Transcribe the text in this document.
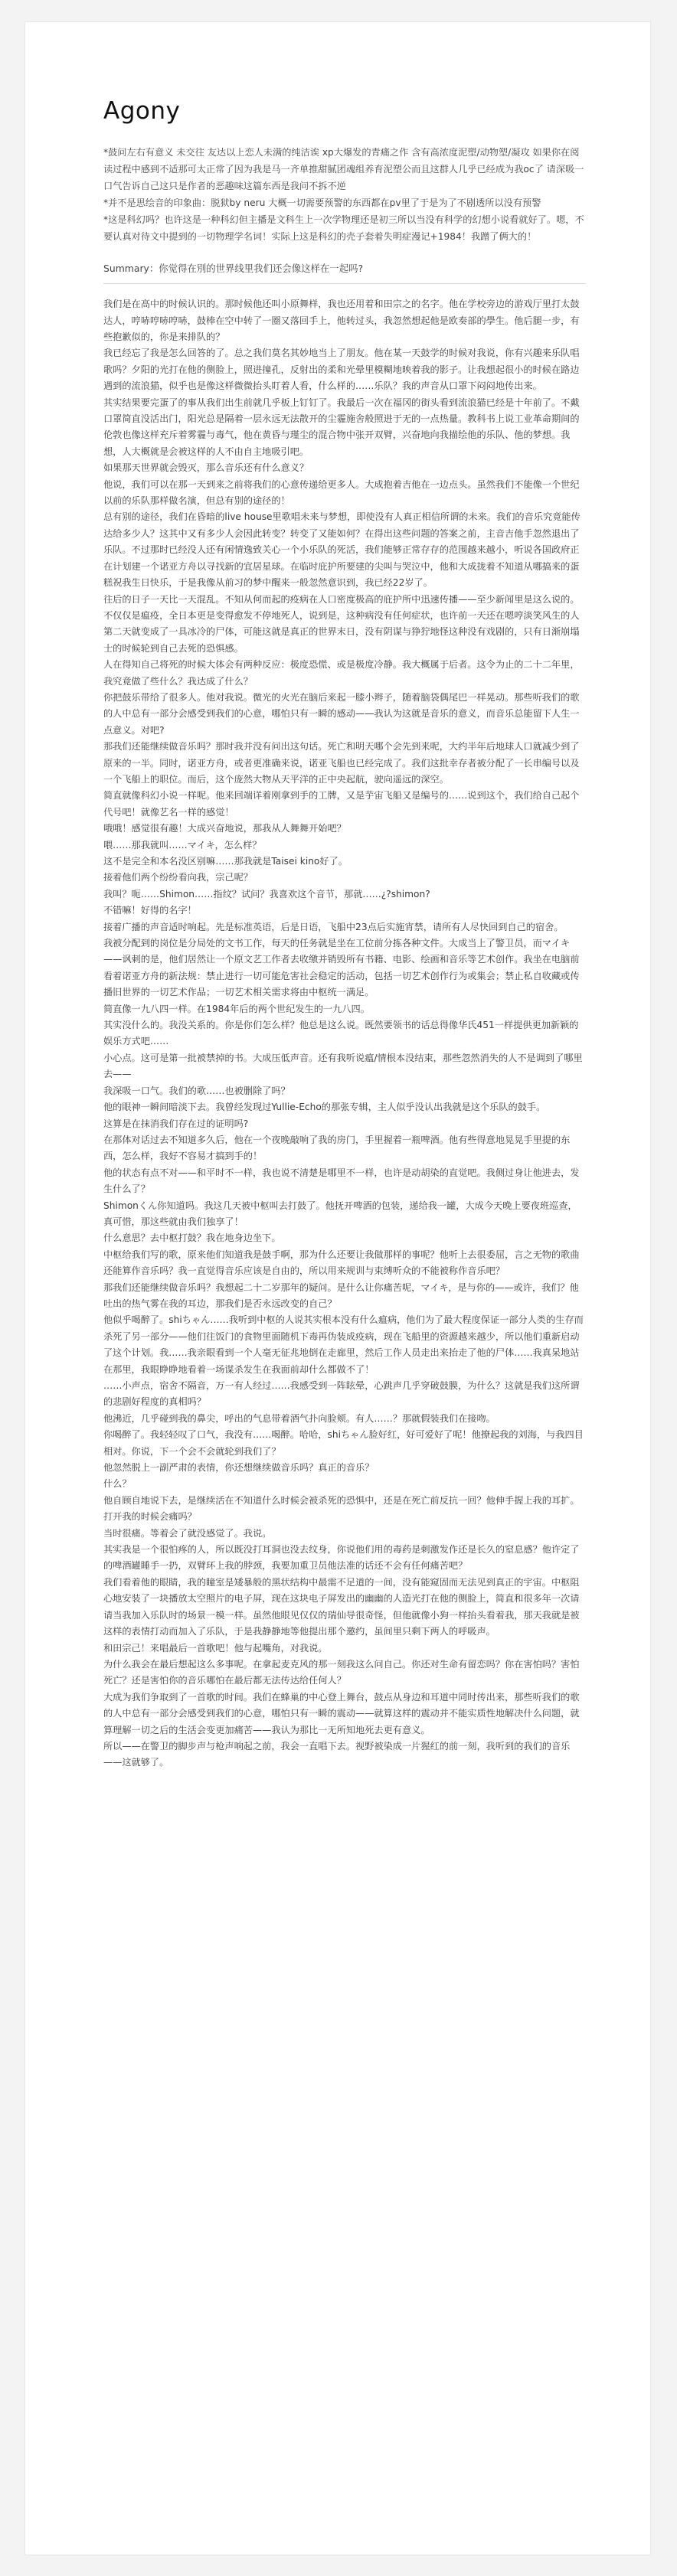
Agony

*鼓问左右有意义 未交往 友达以上恋人未满的纯洁诶 xp大爆发的青痛之作 含有高浓度泥塑/动物塑/凝攻 如果你在阅读过程中感到不适那可太正常了因为我是马一齐单推甜腻团魂组养育泥塑公而且这群人几乎已经成为我oc了 请深吸一口气告诉自己这只是作者的恶趣味这篇东西是我问不拆不逆

*并不是思绘音的印象曲：脱狱by neru 大概一切需要预警的东西都在pv里了于是为了不剧透所以没有预警

*这是科幻吗？也许这是一种科幻但主播是文科生上一次学物理还是初三所以当没有科学的幻想小说看就好了。嗯，不要认真对待文中提到的一切物理学名词！实际上这是科幻的壳子套着失明症漫记+1984！我蹭了俩大的！

Summary：你觉得在別的世界线里我们还会像这样在一起吗?

我们是在高中的时候认识的。那时候他还叫小原舞样，我也还用着和田宗之的名字。他在学校旁边的游戏厅里打太鼓达人，哼哧哼哧哼哧，鼓棒在空中转了一圈又落回手上，他转过头，我忽然想起他是欧奏部的學生。他后腿一步，有些抱歉似的，你是来排队的？

我已经忘了我是怎么回答的了。总之我们莫名其妙地当上了朋友。他在某一天鼓学的时候对我说，你有兴趣来乐队唱歌吗？夕阳的光打在他的侧脸上，照进撞孔，反射出的柔和光晕里模糊地映着我的影子。让我想起很小的时候在路边遇到的流浪猫，似乎也是像这样微微抬头盯着人看，什么样的……乐队？我的声音从口罩下闷闷地传出来。

其实结果要完蛋了的事从我们出生前就几乎板上钉钉了。我最后一次在福冈的街头看到流浪猫已经是十年前了。不戴口罩简直没活出门，阳光总是隔着一层永远无法散开的尘霾施舍般照进于无的一点热量。教科书上说工业革命期间的伦敦也像这样充斥着雾霾与毒气，他在黄昏与瑾尘的混合物中张开双臂，兴奋地向我描绘他的乐队、他的梦想。我想，人大概就是会被这样的人不由自主地吸引吧。

如果那天世界就会毁灭，那么音乐还有什么意义？

他说，我们可以在那一天到来之前将我们的心意传递给更多人。大成抱着吉他在一边点头。虽然我们不能像一个世纪以前的乐队那样做名演，但总有别的途径的！

总有别的途径，我们在昏暗的live house里歌唱未来与梦想，即使没有人真正相信所谓的未来。我们的音乐究竟能传达给多少人？这其中又有多少人会因此转变？转变了又能如何？在得出这些问题的答案之前，主音吉他手忽然退出了乐队。不过那时已经没人还有闲情逸致关心一个小乐队的死活，我们能够正常存存的范围越来越小，听说各国政府正在计划建一个诺亚方舟以寻找新的宜居星球。在临时庇护所要建的尖叫与哭泣中，他和大成拢着不知道从哪搞来的蛋糕祝我生日快乐，于是我像从前习的梦中醒来一般忽然意识到，我已经22岁了。

往后的日子一天比一天混乱。不知从何而起的疫病在人口密度极高的庇护所中迅速传播——至少新闻里是这么说的。不仅仅是瘟疫，全日本更是变得愈发不停地死人，说到是，这种病没有任何症状，也许前一天还在嗯哼淡笑风生的人第二天就变成了一具冰冷的尸体，可能这就是真正的世界末日，没有阴谋与狰狞地怪这种没有戏剧的，只有日渐崩塌士的时候轮到自己去死的恐惧感。

人在得知自己将死的时候大体会有两种反应：极度恐慌、或是极度冷静。我大概属于后者。这令为止的二十二年里，我究竟做了些什么？我达成了什么？

你把鼓乐带给了很多人。他对我说。微光的火光在脑后来起一膝小辫子，随着脑袋偶尾巴一样晃动。那些听我们的歌的人中总有一部分会感受到我们的心意，哪怕只有一瞬的感动——我认为这就是音乐的意义，而音乐总能留下人生一点意义。对吧?

那我们还能继续做音乐吗？那时我并没有问出这句话。死亡和明天哪个会先到来呢，大约半年后地球人口就减少到了原来的一半。同时，诺亚方舟，或者更准确来说，诺亚飞船也已经完成了。我们这批幸存者被分配了一长串编号以及一个飞船上的职位。而后，这个庞然大物从天平洋的正中央起航，驶向遥远的深空。

简直就像科幻小说一样呢。他来回端详着刚拿到手的工牌，又是芋宙飞船又是编号的……说到这个，我们给自己起个代号吧！就像艺名一样的感觉！

哦哦！感觉很有趣！大成兴奋地说，那我从人舞舞开始吧？

喂……那我就叫……マイキ，怎么样？

这不是完全和本名没区别嘛……那我就是Taisei kino好了。

接着他们两个纷纷看向我，宗己呢？

我叫？呃……Shimon……指纹？试问？我喜欢这个音节，那就……¿?shimon?

不错嘛！好得的名字！

接着广播的声音适时响起。先是标准英语，后是日语，飞船中23点后实施宵禁，请所有人尽快回到自己的宿舍。

我被分配到的岗位是分局处的文书工作，每天的任务就是坐在工位前分拣各种文件。大成当上了警卫员，而マイキ——讽刺的是，他们居然让一个原文艺工作者去收缴并销毁所有书籍、电影、绘画和音乐等艺术创作。我坐在电脑前看着诺亚方舟的新法规：禁止进行一切可能危害社会稳定的活动，包括一切艺术创作行为或集会；禁止私自收藏或传播旧世界的一切艺术作品；一切艺术相关需求将由中枢统一满足。

简直像一九八四一样。在1984年后的两个世纪发生的一九八四。

其实没什么的。我没关系的。你是你们怎么样？他总是这么说。既然要领书的话总得像华氏451一样提供更加新颖的娱乐方式吧……

小心点。这可是第一批被禁掉的书。大成压低声音。还有我听说瘟/情根本没结束，那些忽然消失的人不是调到了哪里去——

我深吸一口气。我们的歌……也被删除了吗？

他的眼神一瞬间暗淡下去。我曾经发现过Yullie-Echo的那张专辑，主人似乎没认出我就是这个乐队的鼓手。

这算是在抹消我们存在过的证明吗?

在那体对话过去不知道多久后，他在一个夜晚敲响了我的房门，手里握着一瓶啤酒。他有些得意地晃晃手里提的东西，怎么样，我好不容易才搞到手的！

他的状态有点不对——和平时不一样，我也说不清楚是哪里不一样，也许是动胡染的直觉吧。我侧过身让他进去，发生什么了？

Shimonくん你知道吗。我这几天被中枢叫去打鼓了。他抚开啤酒的包装，递给我一罐，大成今天晚上要夜班巡查，真可惜，那这些就由我们独享了！

什么意思？去中枢打鼓？我在地身边坐下。

中枢给我们写的歌，原来他们知道我是鼓手啊，那为什么还要让我做那样的事呢？他听上去很委屈，言之无物的歌曲还能算作音乐吗？我一直觉得音乐应该是自由的，所以用来规训与束缚听众的不能被称作音乐吧？

那我们还能继续做音乐吗？我想起二十二岁那年的疑问。是什么让你痛苦呢，マイキ，是与你的——或许，我们？他吐出的热气雾在我的耳边，那我们是否永远改变的自己？

他似乎喝醉了。shiちゃん……我听到中枢的人说其实根本没有什么瘟病，他们为了最大程度保证一部分人类的生存而杀死了另一部分——他们往饭门的食物里面随机下毒再伪装成疫病，现在飞船里的资源越来越少，所以他们重新启动了这个计划。我……我亲眼看到一个人毫无征兆地倒在走廊里，然后工作人员走出来抬走了他的尸体……我真呆地站在那里，我眼睁睁地看着一场谋杀发生在我面前却什么都做不了！

……小声点，宿舍不隔音，万一有人经过……我感受到一阵眩晕，心跳声几乎穿破鼓膜，为什么？这就是我们这所谓的悲剧好程度的真相吗？

他沸近，几乎碰到我的鼻尖，呼出的气息带着酒气扑向脸颊。有人……？那就假装我们在接吻。

你喝醉了。我轻轻叹了口气，我没有……喝醉。哈哈，shiちゃん脸好红，好可爱好了呢！他撩起我的刘海，与我四目相对。你说，下一个会不会就轮到我们了？

他忽然脱上一副严肃的表情，你还想继续做音乐吗？真正的音乐？

什么？

他自顾自地说下去，是继续活在不知道什么时候会被杀死的恐惧中，还是在死亡前反抗一回？他伸手握上我的耳扩。打开我的时候会痛吗？

当时很痛。等着会了就没感觉了。我说。

其实我是一个很怕疼的人，所以既没打耳洞也没去纹身，你说他们用的毒药是刺激发作还是长久的窒息感？他许定了的啤酒罐睡手一扔，双臂环上我的脖颈，我要加重卫员他法准的话还不会有任何痛苦吧？

我们看着他的眼睛，我的瞳室是矮暴般的黑状结构中最需不足道的一间，没有能窥固而无法见到真正的宇宙。中枢阻心地安装了一块播放太空照片的电子屏，现在这块电子屏发出的幽幽的人造光打在他的侧脸上，简直和很多年一次请请当我加入乐队时的场景一模一样。虽然他眼见仅仅的瑞仙导很奇怪，但他就像小狗一样抬头看着我，那天我就是被这样的表情打动而加入了乐队，于是我静静地等他提出那个邀约，虽间里只剩下两人的呼吸声。

和田宗己！来唱最后一首歌吧！他与起嘴角，对我说。

为什么我会在最后想起这么多事呢。在拿起麦克风的那一刻我这么问自己。你还对生命有留恋吗？你在害怕吗？害怕死亡？还是害怕你的音乐哪怕在最后都无法传达给任何人？

大成为我们争取到了一首歌的时间。我们在蜂巢的中心登上舞台，鼓点从身边和耳道中同时传出来，那些听我们的歌的人中总有一部分会感受到我们的心意，哪怕只有一瞬的震动——就算这样的震动并不能实质性地解决什么问题，就算理解一切之后的生活会变更加痛苦——我认为那比一无所知地死去更有意义。

所以——在警卫的脚步声与枪声响起之前，我会一直唱下去。视野被染成一片猩红的前一刻，我听到的我们的音乐——这就够了。
